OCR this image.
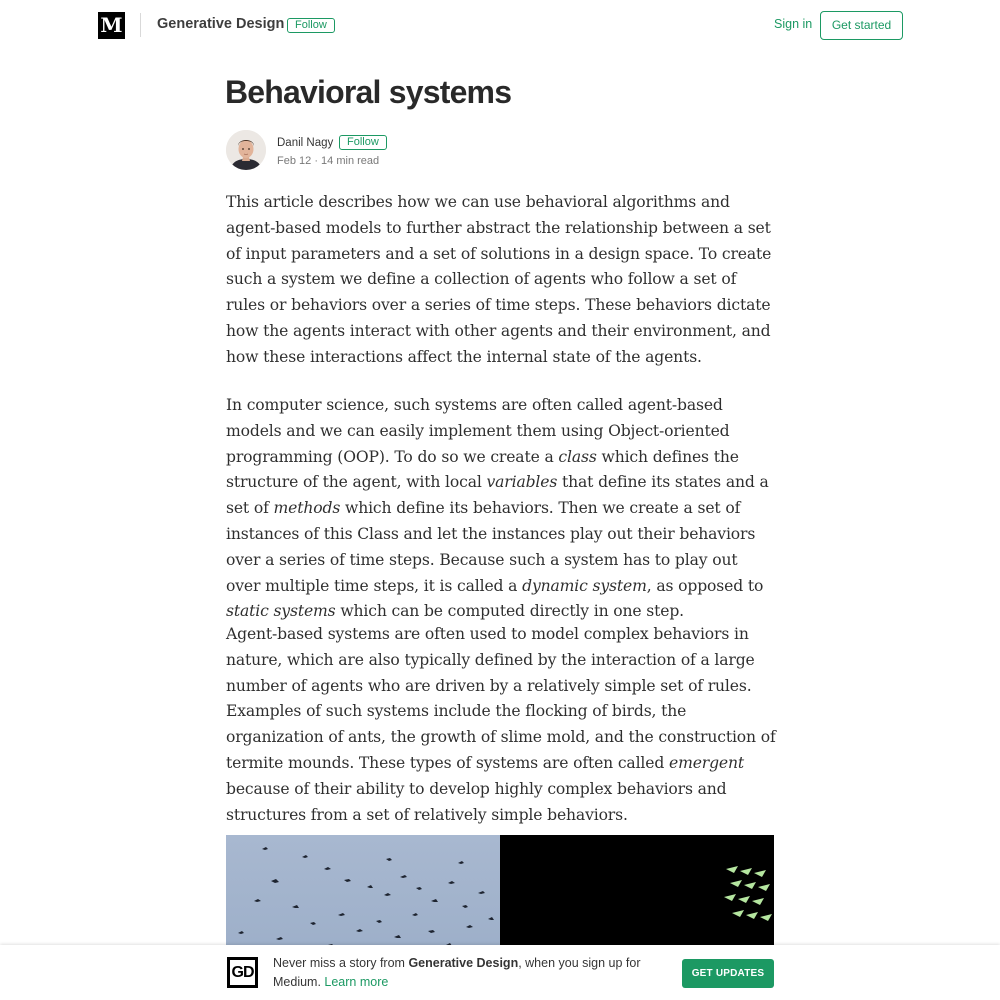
M Generative Design Follow	Sign in	Get started
Behavioral systems
Danil Nagy	Follow
Feb 12 · 14 min read

This article describes how we can use behavioral algorithms and agent-based models to further abstract the relationship between a set of input parameters and a set of solutions in a design space. To create such a system we define a collection of agents who follow a set of rules or behaviors over a series of time steps. These behaviors dictate how the agents interact with other agents and their environment, and how these interactions affect the internal state of the agents.

In computer science, such systems are often called agent-based models and we can easily implement them using Object-oriented programming (OOP). To do so we create a class which defines the structure of the agent, with local variables that define its states and a set of methods which define its behaviors. Then we create a set of instances of this Class and let the instances play out their behaviors over a series of time steps. Because such a system has to play out over multiple time steps, it is called a dynamic system, as opposed to static systems which can be computed directly in one step.

Agent-based systems are often used to model complex behaviors in nature, which are also typically defined by the interaction of a large number of agents who are driven by a relatively simple set of rules. Examples of such systems include the flocking of birds, the organization of ants, the growth of slime mold, and the construction of termite mounds. These types of systems are often called emergent because of their ability to develop highly complex behaviors and structures from a set of relatively simple behaviors.

GD
Never miss a story from Generative Design, when you sign up for Medium. Learn more
GET UPDATES
